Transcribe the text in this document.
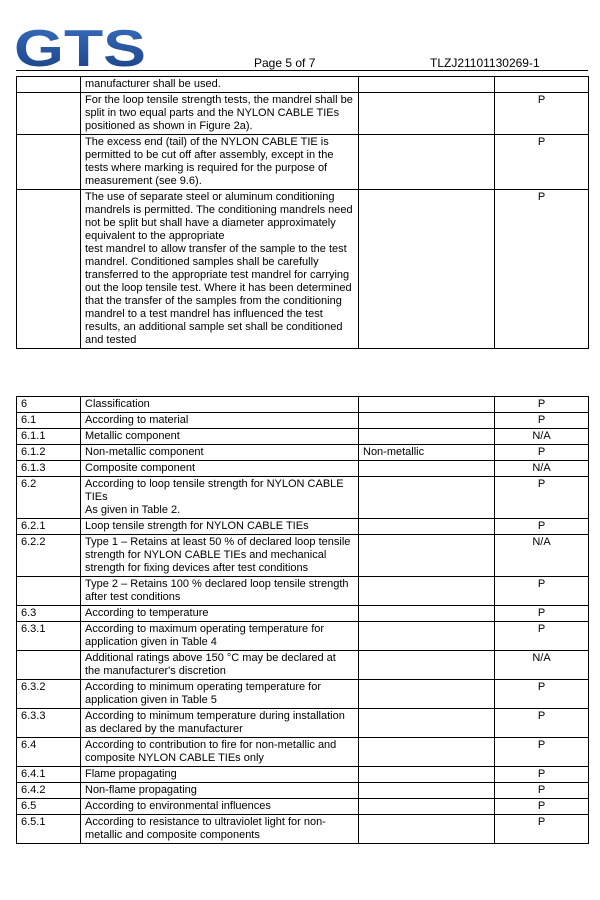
GTS	Page 5 of 7	TLZJ21101130269-1
	manufacturer shall be used.		
	For the loop tensile strength tests, the mandrel shall be split in two equal parts and the NYLON CABLE TIEs positioned as shown in Figure 2a).		P
	The excess end (tail) of the NYLON CABLE TIE is permitted to be cut off after assembly, except in the tests where marking is required for the purpose of measurement (see 9.6).		P
	The use of separate steel or aluminum conditioning mandrels is permitted. The conditioning mandrels need not be split but shall have a diameter approximately equivalent to the appropriate
test mandrel to allow transfer of the sample to the test mandrel. Conditioned samples shall be carefully transferred to the appropriate test mandrel for carrying out the loop tensile test. Where it has been determined that the transfer of the samples from the conditioning mandrel to a test mandrel has influenced the test results, an additional sample set shall be conditioned and tested		P
6	Classification		P
6.1	According to material		P
6.1.1	Metallic component		N/A
6.1.2	Non-metallic component	Non-metallic	P
6.1.3	Composite component		N/A
6.2	According to loop tensile strength for NYLON CABLE TIEs
As given in Table 2.		P
6.2.1	Loop tensile strength for NYLON CABLE TIEs		P
6.2.2	Type 1 – Retains at least 50 % of declared loop tensile strength for NYLON CABLE TIEs and mechanical strength for fixing devices after test conditions		N/A
	Type 2 – Retains 100 % declared loop tensile strength after test conditions		P
6.3	According to temperature		P
6.3.1	According to maximum operating temperature for application given in Table 4		P
	Additional ratings above 150 °C may be declared at the manufacturer's discretion		N/A
6.3.2	According to minimum operating temperature for application given in Table 5		P
6.3.3	According to minimum temperature during installation as declared by the manufacturer		P
6.4	According to contribution to fire for non-metallic and composite NYLON CABLE TIEs only		P
6.4.1	Flame propagating		P
6.4.2	Non-flame propagating		P
6.5	According to environmental influences		P
6.5.1	According to resistance to ultraviolet light for non-metallic and composite components		P
